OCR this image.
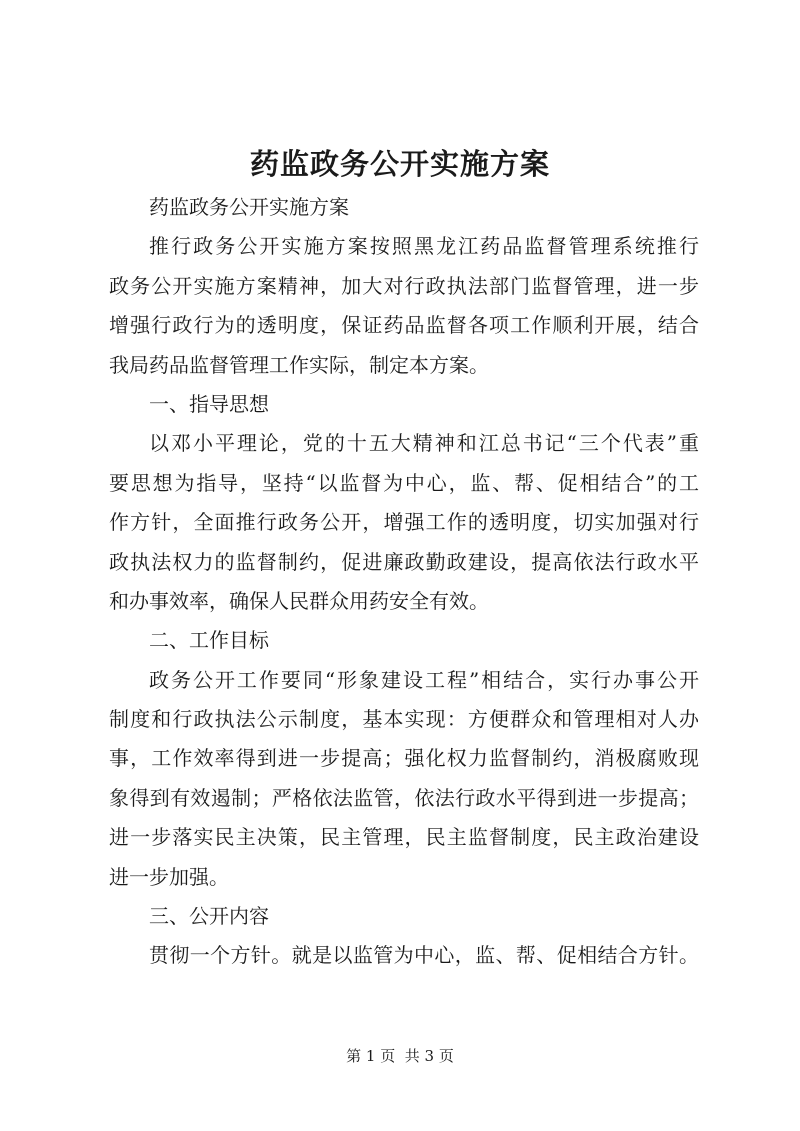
药监政务公开实施方案
药监政务公开实施方案
推行政务公开实施方案按照黑龙江药品监督管理系统推行
政务公开实施方案精神，加大对行政执法部门监督管理，进一步
增强行政行为的透明度，保证药品监督各项工作顺利开展，结合
我局药品监督管理工作实际，制定本方案。
一、指导思想
以邓小平理论，党的十五大精神和江总书记“三个代表”重
要思想为指导，坚持“以监督为中心，监、帮、促相结合”的工
作方针，全面推行政务公开，增强工作的透明度，切实加强对行
政执法权力的监督制约，促进廉政勤政建设，提高依法行政水平
和办事效率，确保人民群众用药安全有效。
二、工作目标
政务公开工作要同“形象建设工程”相结合，实行办事公开
制度和行政执法公示制度，基本实现：方便群众和管理相对人办
事，工作效率得到进一步提高；强化权力监督制约，消极腐败现
象得到有效遏制；严格依法监管，依法行政水平得到进一步提高；
进一步落实民主决策，民主管理，民主监督制度，民主政治建设
进一步加强。
三、公开内容
贯彻一个方针。就是以监管为中心，监、帮、促相结合方针。
第 1 页  共 3 页
